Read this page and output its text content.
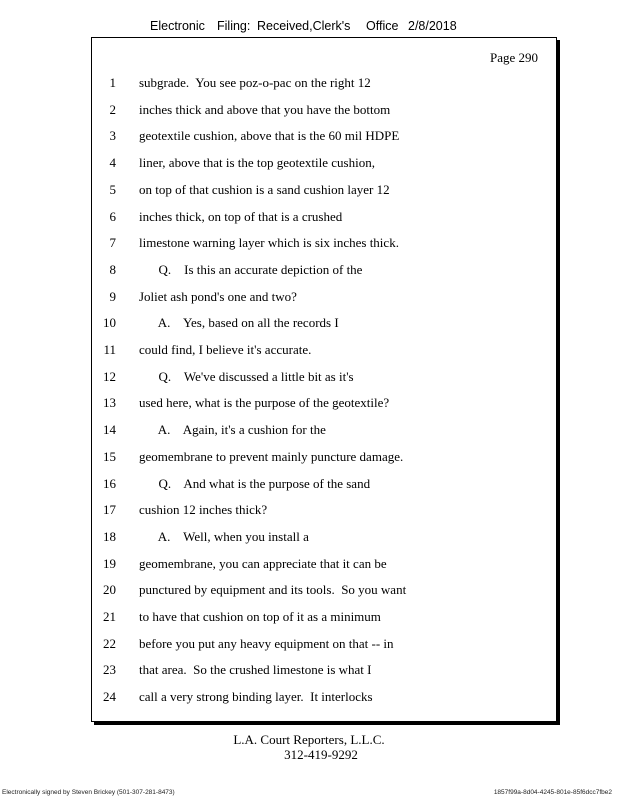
Electronic Filing: Received,Clerk's Office 2/8/2018
Page 290
1 subgrade.  You see poz-o-pac on the right 12
2 inches thick and above that you have the bottom
3 geotextile cushion, above that is the 60 mil HDPE
4 liner, above that is the top geotextile cushion,
5 on top of that cushion is a sand cushion layer 12
6 inches thick, on top of that is a crushed
7 limestone warning layer which is six inches thick.
8 Q.    Is this an accurate depiction of the
9 Joliet ash pond's one and two?
10 A.    Yes, based on all the records I
11 could find, I believe it's accurate.
12 Q.    We've discussed a little bit as it's
13 used here, what is the purpose of the geotextile?
14 A.    Again, it's a cushion for the
15 geomembrane to prevent mainly puncture damage.
16 Q.    And what is the purpose of the sand
17 cushion 12 inches thick?
18 A.    Well, when you install a
19 geomembrane, you can appreciate that it can be
20 punctured by equipment and its tools.  So you want
21 to have that cushion on top of it as a minimum
22 before you put any heavy equipment on that -- in
23 that area.  So the crushed limestone is what I
24 call a very strong binding layer.  It interlocks
L.A. Court Reporters, L.L.C.
312-419-9292
Electronically signed by Steven Brickey (501-307-281-8473)	1857f99a-8d04-4245-801e-85f6dcc7fbe2
